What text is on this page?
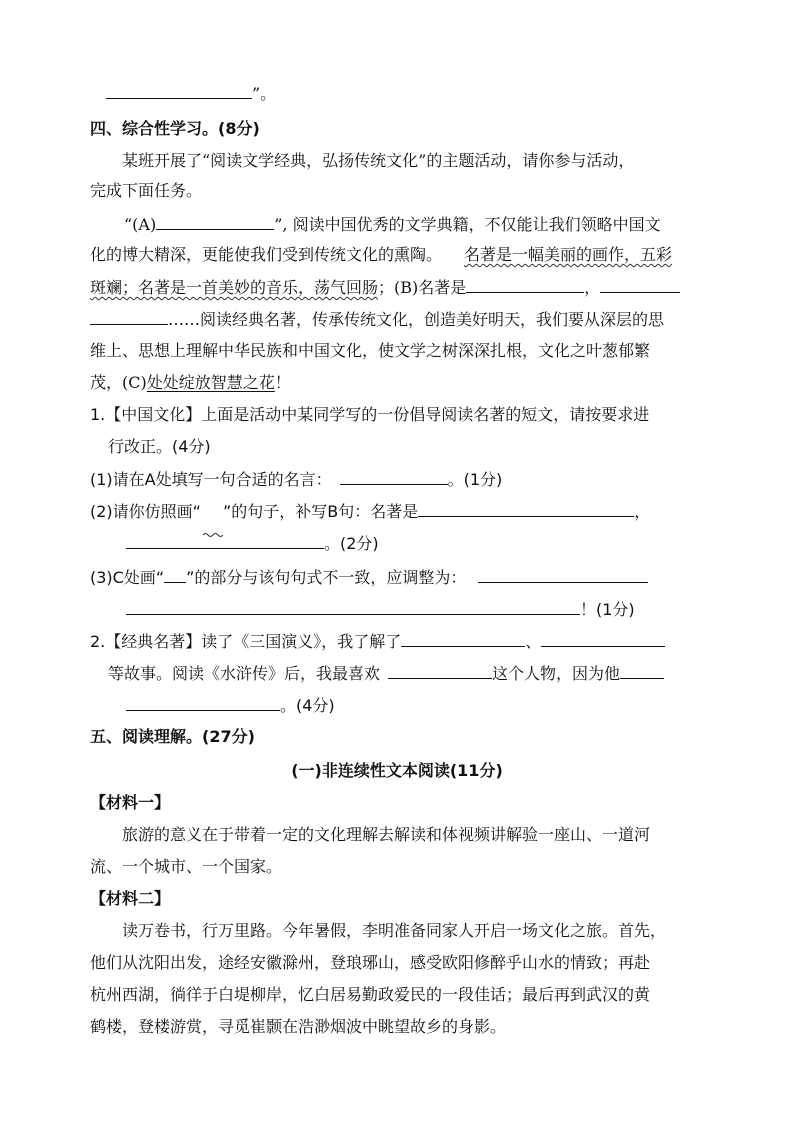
”。
四、综合性学习。(8分)
某班开展了“阅读文学经典，弘扬传统文化”的主题活动，请你参与活动，
完成下面任务。
“(A)	”, 阅读中国优秀的文学典籍，不仅能让我们领略中国文
化的博大精深，更能使我们受到传统文化的熏陶。 名著是一幅美丽的画作，五彩
斑斓；名著是一首美妙的音乐，荡气回肠；(B)名著是	，
……阅读经典名著，传承传统文化，创造美好明天，我们要从深层的思
维上、思想上理解中华民族和中国文化，使文学之树深深扎根，文化之叶葱郁繁
茂，(C)处处绽放智慧之花！
1.【中国文化】上面是活动中某同学写的一份倡导阅读名著的短文，请按要求进
行改正。(4分)
(1)请在A处填写一句合适的名言：	。(1分)
(2)请你仿照画“ ”的句子，补写B句：名著是	，
。(2分)
(3)C处画“ ”的部分与该句句式不一致，应调整为：
！(1分)
2.【经典名著】读了《三国演义》，我了解了	、
等故事。阅读《水浒传》后，我最喜欢	这个人物，因为他
。(4分)
五、阅读理解。(27分)
(一)非连续性文本阅读(11分)
【材料一】
旅游的意义在于带着一定的文化理解去解读和体视频讲解验一座山、一道河
流、一个城市、一个国家。
【材料二】
读万卷书，行万里路。今年暑假，李明准备同家人开启一场文化之旅。首先，
他们从沈阳出发，途经安徽滁州，登琅琊山，感受欧阳修醉乎山水的情致；再赴
杭州西湖，徜徉于白堤柳岸，忆白居易勤政爱民的一段佳话；最后再到武汉的黄
鹤楼，登楼游赏，寻觅崔颢在浩渺烟波中眺望故乡的身影。
